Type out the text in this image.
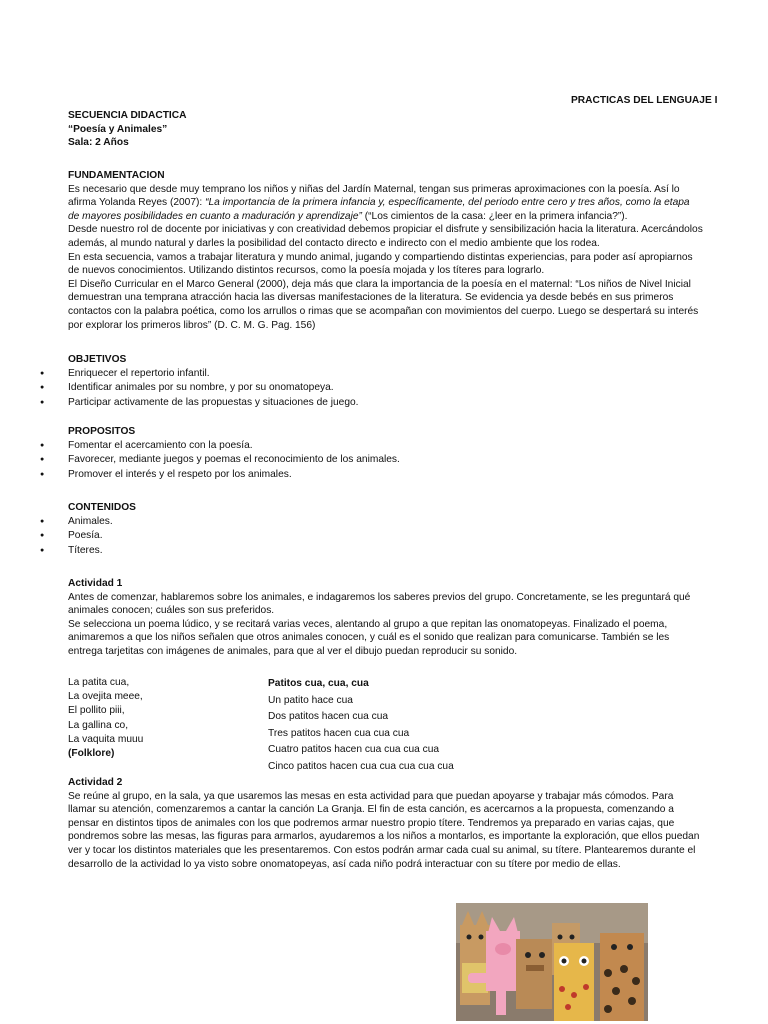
PRACTICAS DEL LENGUAJE I

SECUENCIA DIDACTICA

“Poesía y Animales”

Sala: 2 Años

FUNDAMENTACION

Es necesario que desde muy temprano los niños y niñas del Jardín Maternal, tengan sus primeras aproximaciones con la poesía. Así lo afirma Yolanda Reyes (2007): “La importancia de la primera infancia y, específicamente, del periodo entre cero y tres años, como la etapa de mayores posibilidades en cuanto a maduración y aprendizaje” (“Los cimientos de la casa: ¿leer en la primera infancia?”).

Desde nuestro rol de docente por iniciativas y con creatividad debemos propiciar el disfrute y sensibilización hacia la literatura. Acercándolos además, al mundo natural y darles la posibilidad del contacto directo e indirecto con el medio ambiente que los rodea.

En esta secuencia, vamos a trabajar literatura y mundo animal, jugando y compartiendo distintas experiencias, para poder así apropiarnos de nuevos conocimientos. Utilizando distintos recursos, como la poesía mojada y los títeres para lograrlo.

El Diseño Curricular en el Marco General (2000), deja más que clara la importancia de la poesía en el maternal: “Los niños de Nivel Inicial demuestran una temprana atracción hacia las diversas manifestaciones de la literatura. Se evidencia ya desde bebés en sus primeros contactos con la palabra poética, como los arrullos o rimas que se acompañan con movimientos del cuerpo. Luego se despertará su interés por explorar los primeros libros” (D. C. M. G. Pag. 156)

OBJETIVOS

● Enriquecer el repertorio infantil.
● Identificar animales por su nombre, y por su onomatopeya.
● Participar activamente de las propuestas y situaciones de juego.

PROPOSITOS

● Fomentar el acercamiento con la poesía.
● Favorecer, mediante juegos y poemas el reconocimiento de los animales.
● Promover el interés y el respeto por los animales.

CONTENIDOS

● Animales.
● Poesía.
● Títeres.

Actividad 1

Antes de comenzar, hablaremos sobre los animales, e indagaremos los saberes previos del grupo. Concretamente, se les preguntará qué animales conocen; cuáles son sus preferidos.

Se selecciona un poema lúdico, y se recitará varias veces, alentando al grupo a que repitan las onomatopeyas. Finalizado el poema, animaremos a que los niños señalen que otros animales conocen, y cuál es el sonido que realizan para comunicarse. También se les entrega tarjetitas con imágenes de animales, para que al ver el dibujo puedan reproducir su sonido.

La patita cua,
La ovejita meee,
El pollito piii,
La gallina co,
La vaquita muuu
(Folklore)
Patitos cua, cua, cua
Un patito hace cua
Dos patitos hacen cua cua
Tres patitos hacen cua cua cua
Cuatro patitos hacen cua cua cua cua
Cinco patitos hacen cua cua cua cua cua

Actividad 2

Se reúne al grupo, en la sala, ya que usaremos las mesas en esta actividad para que puedan apoyarse y trabajar más cómodos. Para llamar su atención, comenzaremos a cantar la canción La Granja. El fin de esta canción, es acercarnos a la propuesta, comenzando a pensar en distintos tipos de animales con los que podremos armar nuestro propio títere. Tendremos ya preparado en varias cajas, que pondremos sobre las mesas, las figuras para armarlos, ayudaremos a los niños a montarlos, es importante la exploración, que ellos puedan ver y tocar los distintos materiales que les presentaremos. Con estos podrán armar cada cual su animal, su títere. Plantearemos durante el desarrollo de la actividad lo ya visto sobre onomatopeyas, así cada niño podrá interactuar con su títere por medio de ellas.
